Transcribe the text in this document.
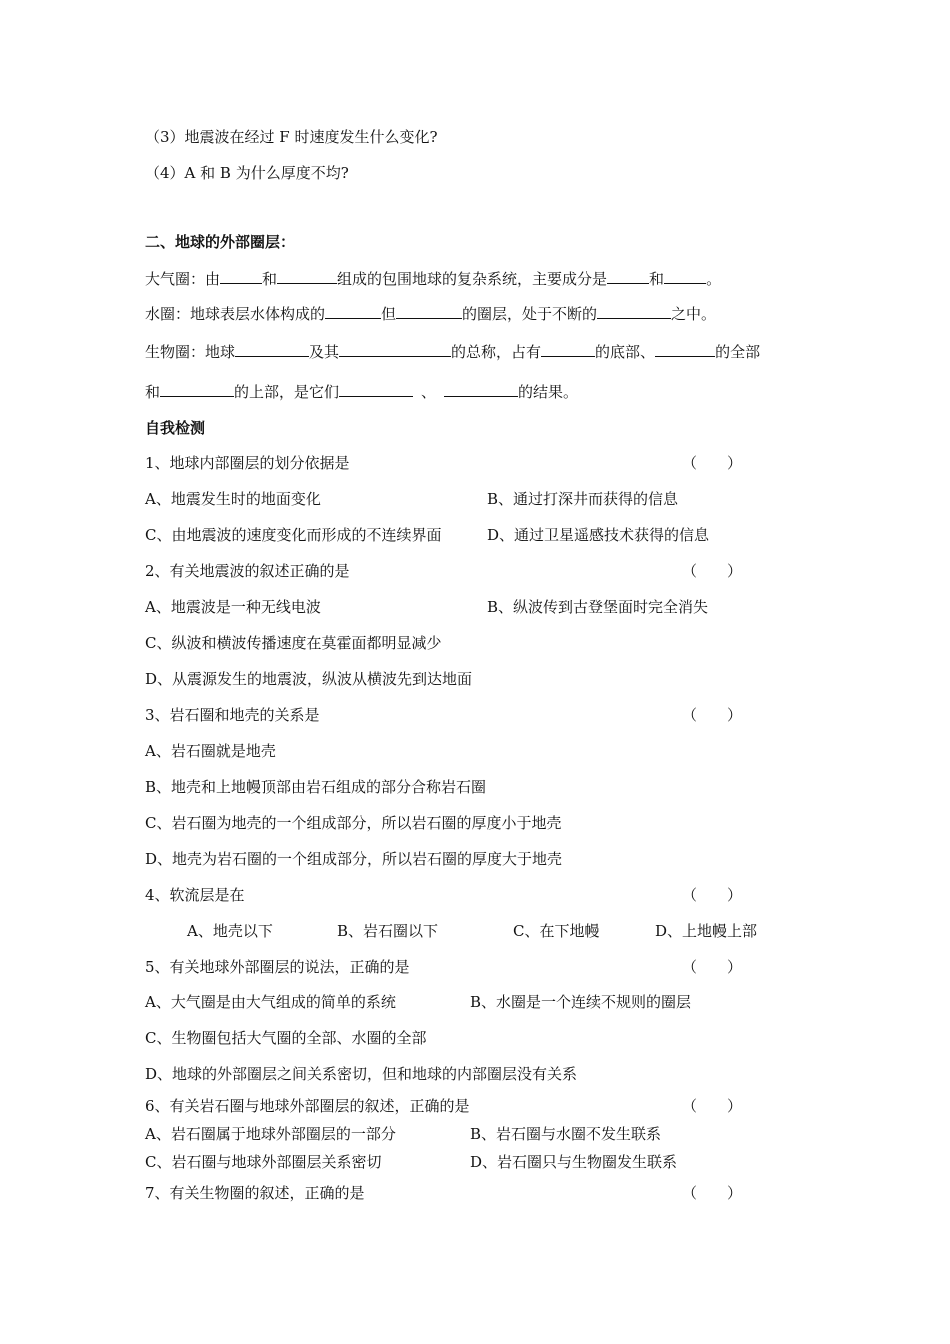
（3）地震波在经过 F 时速度发生什么变化?
（4）A 和 B 为什么厚度不均?
二、地球的外部圈层：
大气圈：由	和	组成的包围地球的复杂系统，主要成分是	和	。
水圈：地球表层水体构成的	但	的圈层，处于不断的	之中。
生物圈：地球	及其	的总称，占有	的底部、	的全部
和	的上部，是它们	、	的结果。
自我检测
1、地球内部圈层的划分依据是	（　　）
A、地震发生时的地面变化	B、通过打深井而获得的信息
C、由地震波的速度变化而形成的不连续界面	D、通过卫星遥感技术获得的信息
2、有关地震波的叙述正确的是	（　　）
A、地震波是一种无线电波	B、纵波传到古登堡面时完全消失
C、纵波和横波传播速度在莫霍面都明显减少
D、从震源发生的地震波，纵波从横波先到达地面
3、岩石圈和地壳的关系是	（　　）
A、岩石圈就是地壳
B、地壳和上地幔顶部由岩石组成的部分合称岩石圈
C、岩石圈为地壳的一个组成部分，所以岩石圈的厚度小于地壳
D、地壳为岩石圈的一个组成部分，所以岩石圈的厚度大于地壳
4、软流层是在	（　　）
A、地壳以下	B、岩石圈以下	C、在下地幔	D、上地幔上部
5、有关地球外部圈层的说法，正确的是	（　　）
A、大气圈是由大气组成的简单的系统	B、水圈是一个连续不规则的圈层
C、生物圈包括大气圈的全部、水圈的全部
D、地球的外部圈层之间关系密切，但和地球的内部圈层没有关系
6、有关岩石圈与地球外部圈层的叙述，正确的是	（　　）
A、岩石圈属于地球外部圈层的一部分	B、岩石圈与水圈不发生联系
C、岩石圈与地球外部圈层关系密切	D、岩石圈只与生物圈发生联系
7、有关生物圈的叙述，正确的是	（　　）
